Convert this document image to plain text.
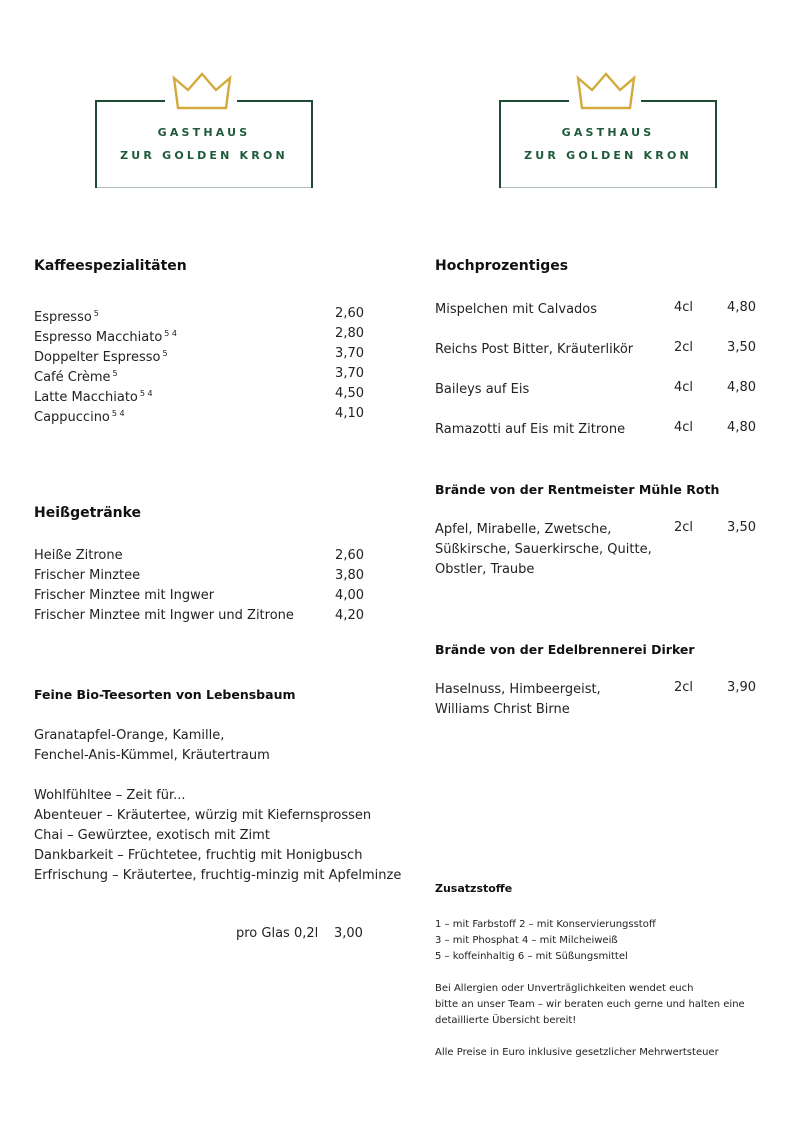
GASTHAUS
ZUR GOLDEN KRON
GASTHAUS
ZUR GOLDEN KRON
Kaffeespezialitäten
Espresso $^5$	2,60
Espresso Macchiato $^{5 4}$	2,80
Doppelter Espresso $^5$	3,70
Café Crème $^5$	3,70
Latte Macchiato $^{5 4}$	4,50
Cappuccino $^{5 4}$	4,10
Heißgetränke
Heiße Zitrone	2,60
Frischer Minztee	3,80
Frischer Minztee mit Ingwer	4,00
Frischer Minztee mit Ingwer und Zitrone	4,20
Feine Bio-Teesorten von Lebensbaum
Granatapfel-Orange, Kamille,
Fenchel-Anis-Kümmel, Kräutertraum
Wohlfühltee – Zeit für...
Abenteuer – Kräutertee, würzig mit Kiefernsprossen
Chai – Gewürztee, exotisch mit Zimt
Dankbarkeit – Früchtetee, fruchtig mit Honigbusch
Erfrischung – Kräutertee, fruchtig-minzig mit Apfelminze
pro Glas 0,2l 3,00
Hochprozentiges
Mispelchen mit Calvados	4cl	4,80
Reichs Post Bitter, Kräuterlikör	2cl	3,50
Baileys auf Eis	4cl	4,80
Ramazotti auf Eis mit Zitrone	4cl	4,80
Brände von der Rentmeister Mühle Roth
Apfel, Mirabelle, Zwetsche,
Süßkirsche, Sauerkirsche, Quitte,
Obstler, Traube
2cl	3,50
Brände von der Edelbrennerei Dirker
Haselnuss, Himbeergeist,
Williams Christ Birne
2cl	3,90
Zusatzstoffe
1 – mit Farbstoff 2 – mit Konservierungsstoff
3 – mit Phosphat 4 – mit Milcheiweiß
5 – koffeinhaltig 6 – mit Süßungsmittel
Bei Allergien oder Unverträglichkeiten wendet euch
bitte an unser Team – wir beraten euch gerne und halten eine
detaillierte Übersicht bereit!
Alle Preise in Euro inklusive gesetzlicher Mehrwertsteuer
